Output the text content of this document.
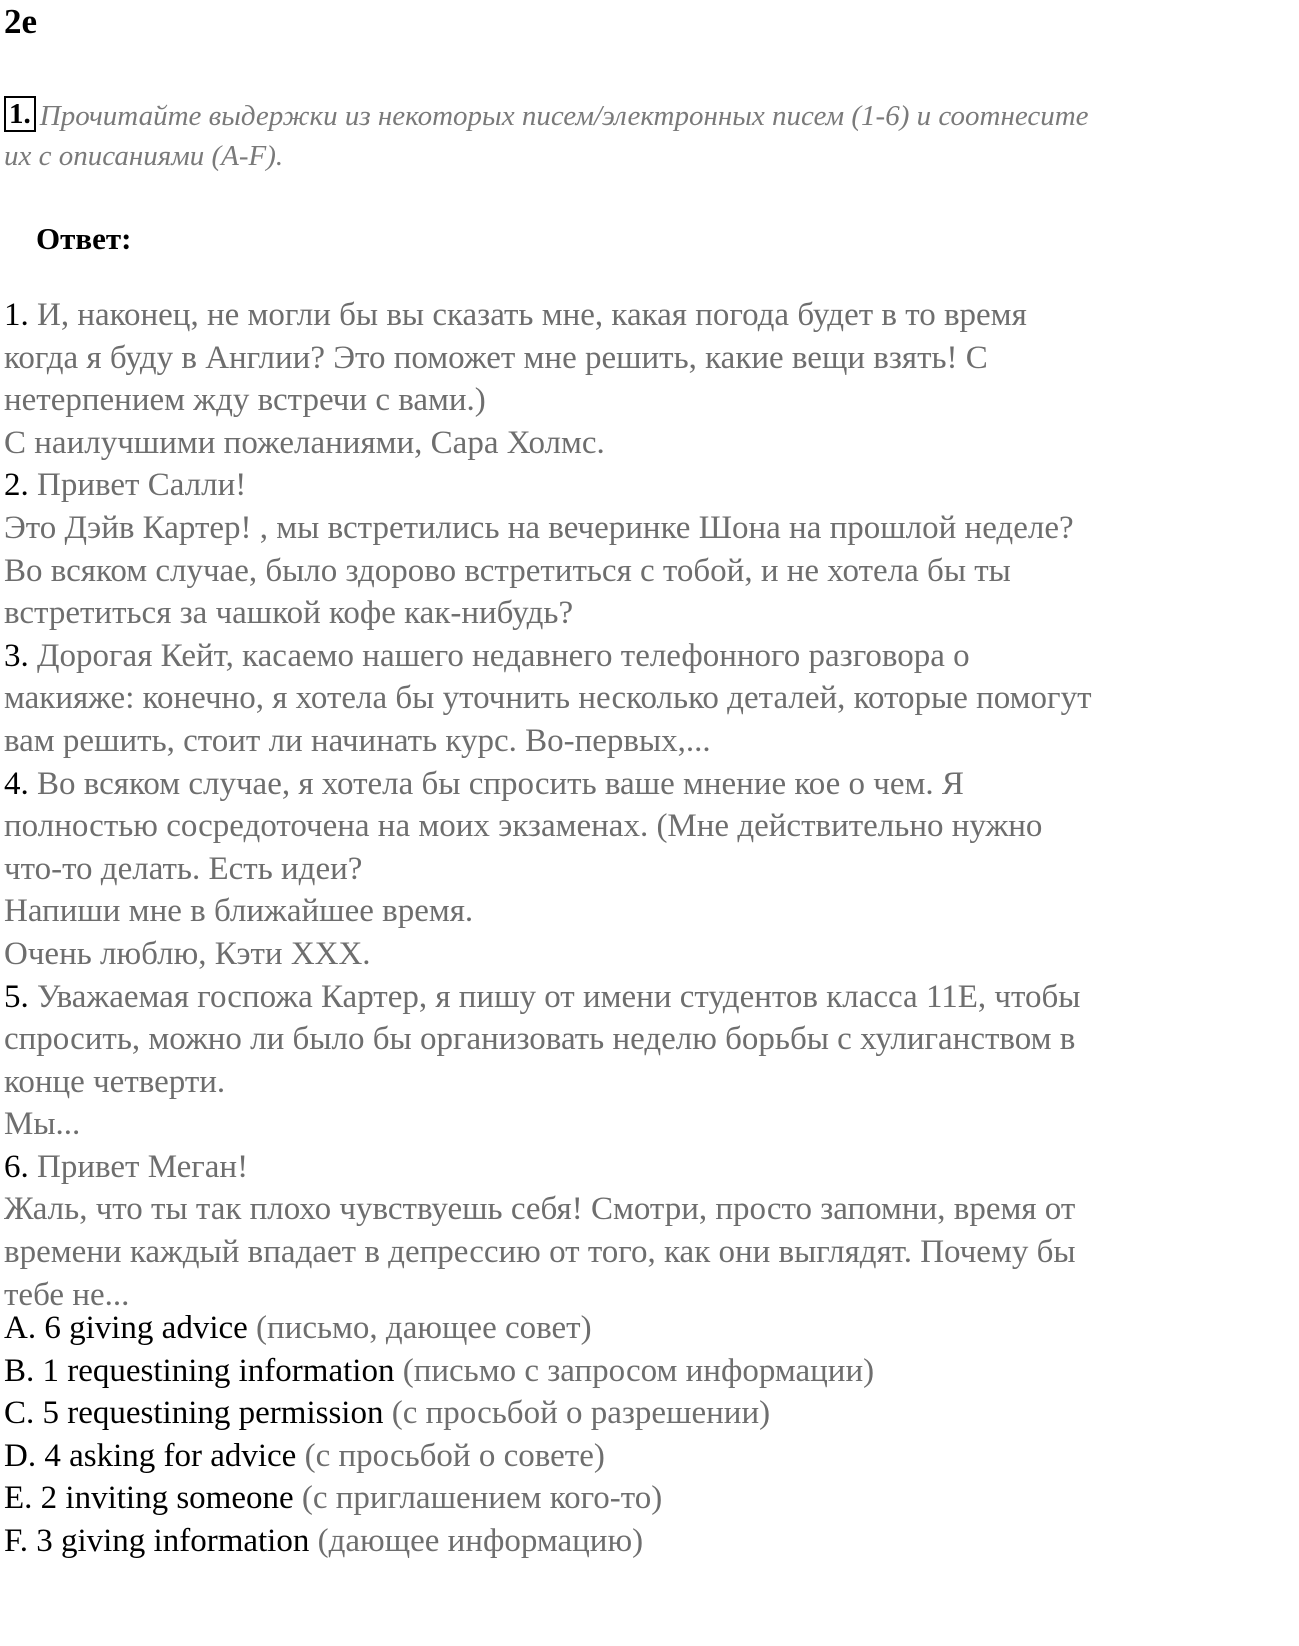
2e
1. Прочитайте выдержки из некоторых писем/электронных писем (1-6) и соотнесите
их с описаниями (A-F).
Ответ:
1. И, наконец, не могли бы вы сказать мне, какая погода будет в то время
когда я буду в Англии? Это поможет мне решить, какие вещи взять! С
нетерпением жду встречи с вами.)
С наилучшими пожеланиями, Сара Холмс.
2. Привет Салли!
Это Дэйв Картер! , мы встретились на вечеринке Шона на прошлой неделе?
Во всяком случае, было здорово встретиться с тобой, и не хотела бы ты
встретиться за чашкой кофе как-нибудь?
3. Дорогая Кейт, касаемо нашего недавнего телефонного разговора о
макияже: конечно, я хотела бы уточнить несколько деталей, которые помогут
вам решить, стоит ли начинать курс. Во-первых,...
4. Во всяком случае, я хотела бы спросить ваше мнение кое о чем. Я
полностью сосредоточена на моих экзаменах. (Мне действительно нужно
что-то делать. Есть идеи?
Напиши мне в ближайшее время.
Очень люблю, Кэти XXX.
5. Уважаемая госпожа Картер, я пишу от имени студентов класса 11E, чтобы
спросить, можно ли было бы организовать неделю борьбы с хулиганством в
конце четверти.
Мы...
6. Привет Меган!
Жаль, что ты так плохо чувствуешь себя! Смотри, просто запомни, время от
времени каждый впадает в депрессию от того, как они выглядят. Почему бы
тебе не...
A. 6 giving advice (письмо, дающее совет)
B. 1 requestining information (письмо с запросом информации)
C. 5 requestining permission (с просьбой о разрешении)
D. 4 asking for advice (с просьбой о совете)
E. 2 inviting someone (с приглашением кого-то)
F. 3 giving information (дающее информацию)
